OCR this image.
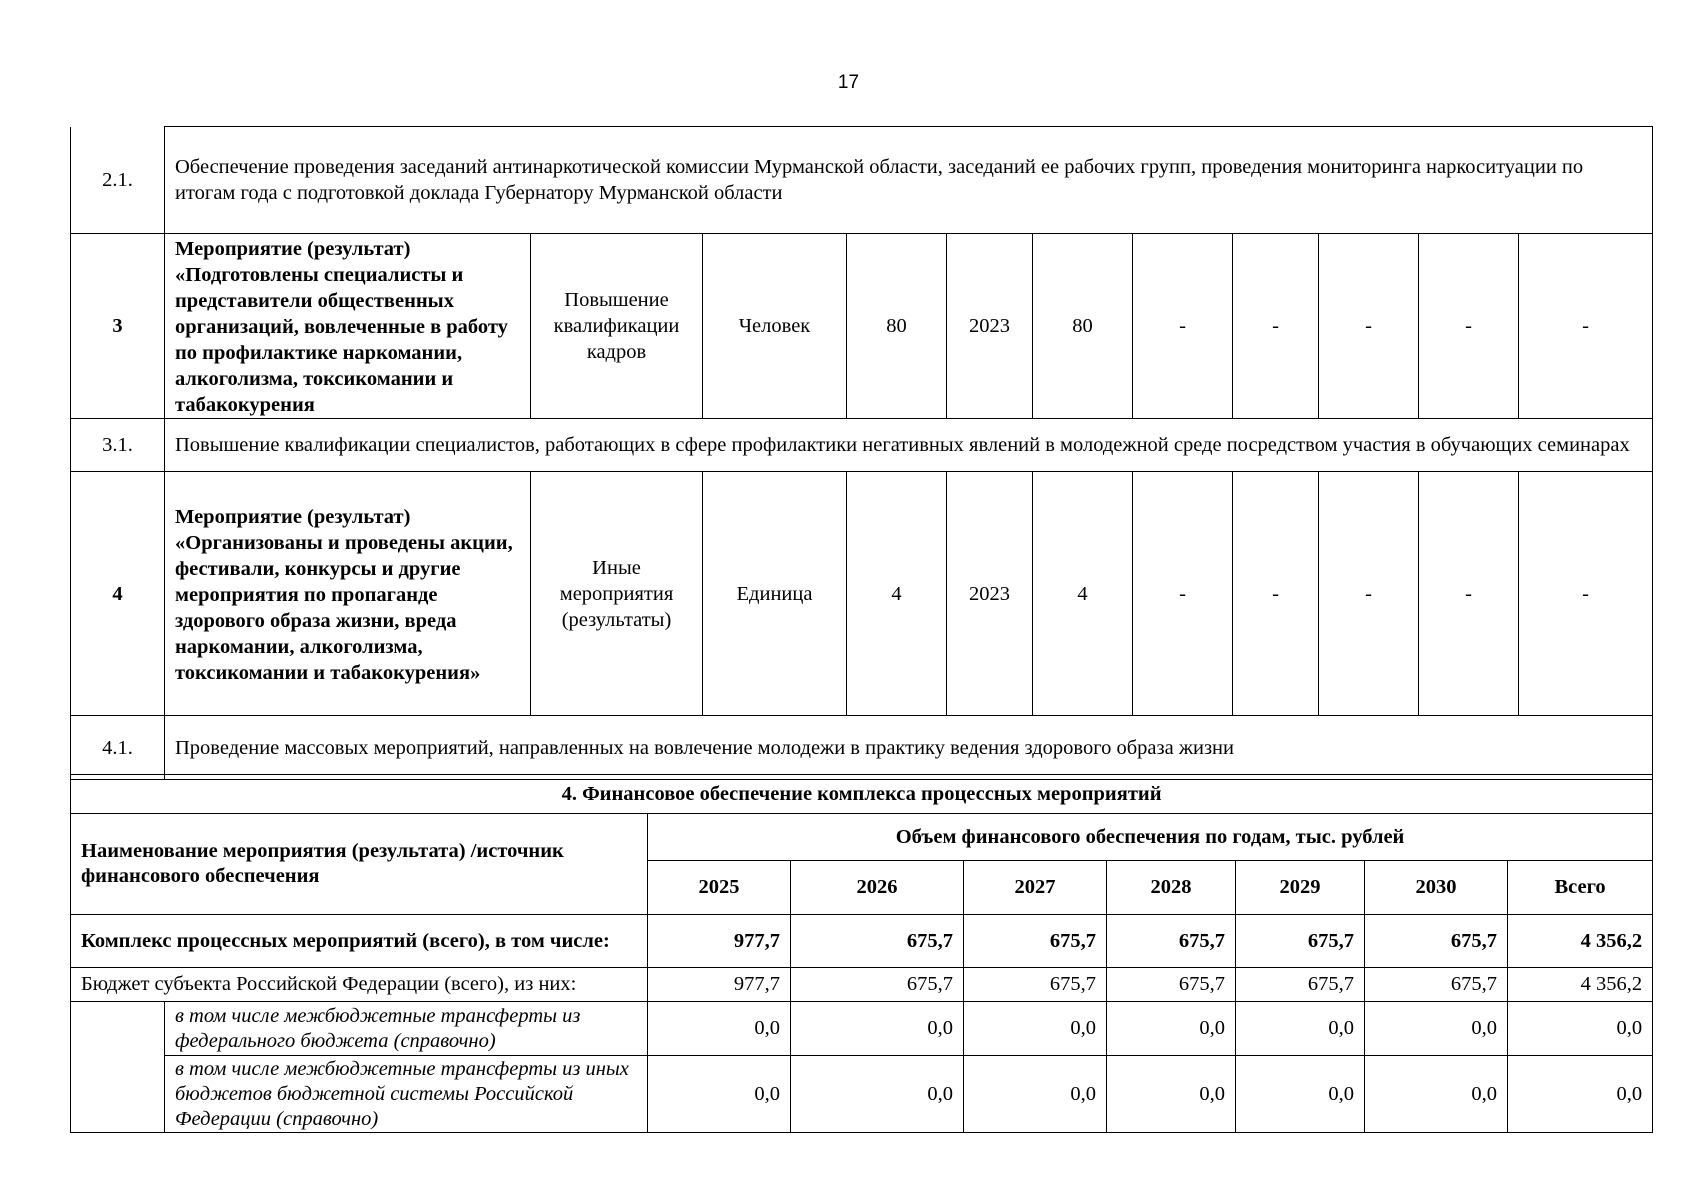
17
2.1.	Обеспечение проведения заседаний антинаркотической комиссии Мурманской области, заседаний ее рабочих групп, проведения мониторинга наркоситуации по итогам года с подготовкой доклада Губернатору Мурманской области										
3	Мероприятие (результат) «Подготовлены специалисты и представители общественных организаций, вовлеченные в работу по профилактике наркомании, алкоголизма, токсикомании и табакокурения	Повышение квалификации кадров	Человек	80	2023	80	-	-	-	-	-
3.1.	Повышение квалификации специалистов, работающих в сфере профилактики негативных явлений в молодежной среде посредством участия в обучающих семинарах										
4	Мероприятие (результат) «Организованы и проведены акции, фестивали, конкурсы и другие мероприятия по пропаганде здорового образа жизни, вреда наркомании, алкоголизма, токсикомании и табакокурения»	Иные мероприятия (результаты)	Единица	4	2023	4	-	-	-	-	-
4.1.	Проведение массовых мероприятий, направленных на вовлечение молодежи в практику ведения здорового образа жизни										
4. Финансовое обеспечение комплекса процессных мероприятий								
Наименование мероприятия (результата) /источник финансового обеспечения		Объем финансового обеспечения по годам, тыс. рублей						
		2025	2026	2027	2028	2029	2030	Всего
Комплекс процессных мероприятий (всего), в том числе:		977,7	675,7	675,7	675,7	675,7	675,7	4 356,2
Бюджет субъекта Российской Федерации (всего), из них:		977,7	675,7	675,7	675,7	675,7	675,7	4 356,2
	в том числе межбюджетные трансферты из федерального бюджета (справочно)	0,0	0,0	0,0	0,0	0,0	0,0	0,0
	в том числе межбюджетные трансферты из иных бюджетов бюджетной системы Российской Федерации (справочно)	0,0	0,0	0,0	0,0	0,0	0,0	0,0
